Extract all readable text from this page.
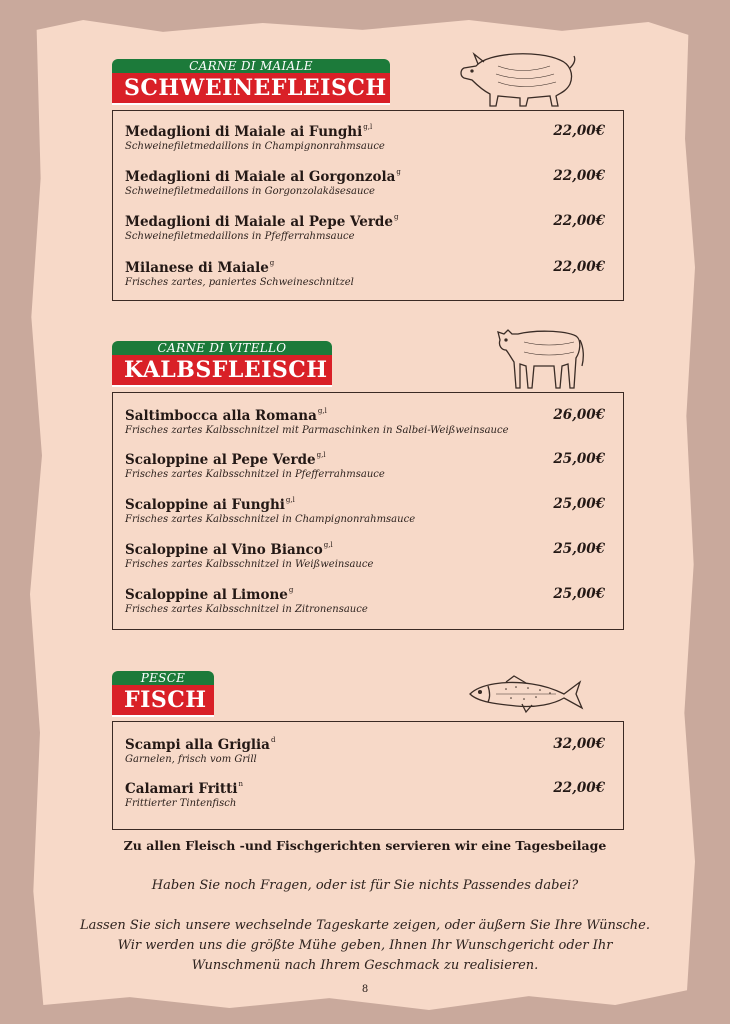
CARNE DI MAIALE
SCHWEINEFLEISCH
Medaglioni di Maiale ai Funghi$^{g,l}$
Schweinefiletmedaillons in Champignonrahmsauce
22,00€
Medaglioni di Maiale al Gorgonzola$^g$
Schweinefiletmedaillons in Gorgonzolakäsesauce
22,00€
Medaglioni di Maiale al Pepe Verde$^g$
Schweinefiletmedaillons in Pfefferrahmsauce
22,00€
Milanese di Maiale$^g$
Frisches zartes, paniertes Schweineschnitzel
22,00€
CARNE DI VITELLO
KALBSFLEISCH
Saltimbocca alla Romana$^{g,l}$
Frisches zartes Kalbsschnitzel mit Parmaschinken in Salbei-Weißweinsauce
26,00€
Scaloppine al Pepe Verde$^{g,l}$
Frisches zartes Kalbsschnitzel in Pfefferrahmsauce
25,00€
Scaloppine ai Funghi$^{g,l}$
Frisches zartes Kalbsschnitzel in Champignonrahmsauce
25,00€
Scaloppine al Vino Bianco$^{g,l}$
Frisches zartes Kalbsschnitzel in Weißweinsauce
25,00€
Scaloppine al Limone$^g$
Frisches zartes Kalbsschnitzel in Zitronensauce
25,00€
PESCE
FISCH
Scampi alla Griglia$^d$
Garnelen, frisch vom Grill
32,00€
Calamari Fritti$^n$
Frittierter Tintenfisch
22,00€
Zu allen Fleisch -und Fischgerichten servieren wir eine Tagesbeilage
Haben Sie noch Fragen, oder ist für Sie nichts Passendes dabei?
Lassen Sie sich unsere wechselnde Tageskarte zeigen, oder äußern Sie Ihre Wünsche.
Wir werden uns die größte Mühe geben, Ihnen Ihr Wunschgericht oder Ihr
Wunschmenü nach Ihrem Geschmack zu realisieren.
8
